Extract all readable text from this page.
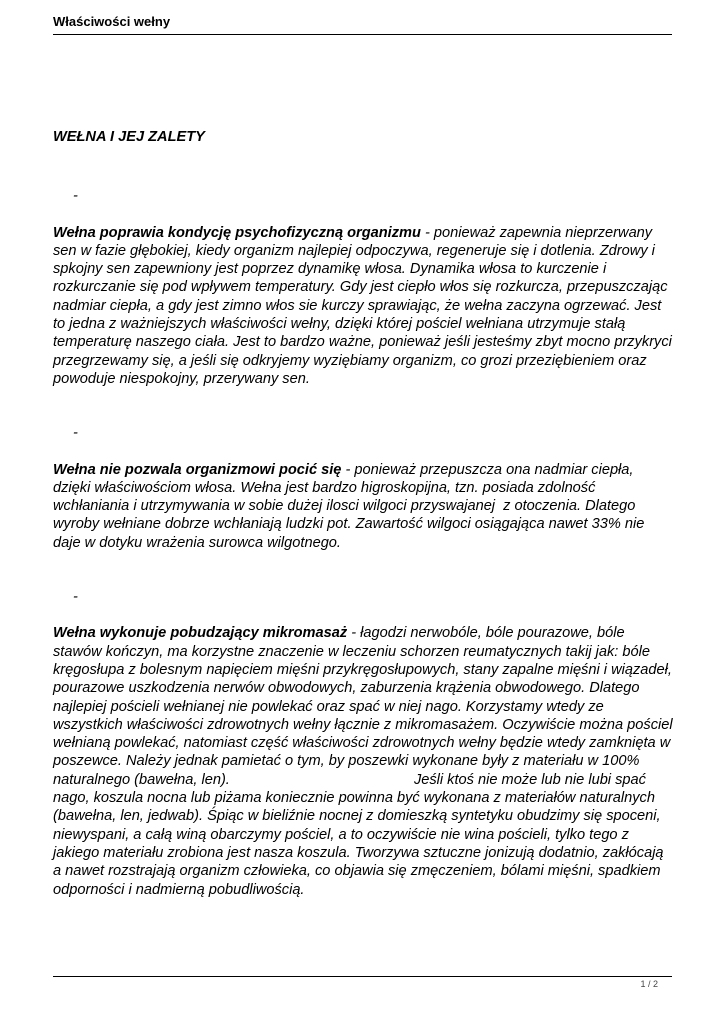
Właściwości wełny

WEŁNA I JEJ ZALETY

-

Wełna poprawia kondycję psychofizyczną organizmu - ponieważ zapewnia nieprzerwany sen w fazie głębokiej, kiedy organizm najlepiej odpoczywa, regeneruje się i dotlenia. Zdrowy i spkojny sen zapewniony jest poprzez dynamikę włosa. Dynamika włosa to kurczenie i rozkurczanie się pod wpływem temperatury. Gdy jest ciepło włos się rozkurcza, przepuszczając nadmiar ciepła, a gdy jest zimno włos sie kurczy sprawiając, że wełna zaczyna ogrzewać. Jest to jedna z ważniejszych właściwości wełny, dzięki której pościel wełniana utrzymuje stałą temperaturę naszego ciała. Jest to bardzo ważne, ponieważ jeśli jesteśmy zbyt mocno przykryci przegrzewamy się, a jeśli się odkryjemy wyziębiamy organizm, co grozi przeziębieniem oraz powoduje niespokojny, przerywany sen.

-

Wełna nie pozwala organizmowi pocić się - ponieważ przepuszcza ona nadmiar ciepła, dzięki właściwościom włosa. Wełna jest bardzo higroskopijna, tzn. posiada zdolność wchłaniania i utrzymywania w sobie dużej ilosci wilgoci przyswajanej  z otoczenia. Dlatego wyroby wełniane dobrze wchłaniają ludzki pot. Zawartość wilgoci osiągająca nawet 33% nie daje w dotyku wrażenia surowca wilgotnego.

-

Wełna wykonuje pobudzający mikromasaż - łagodzi nerwobóle, bóle pourazowe, bóle stawów kończyn, ma korzystne znaczenie w leczeniu schorzen reumatycznych takij jak: bóle kręgosłupa z bolesnym napięciem mięśni przykręgosłupowych, stany zapalne mięśni i wiązadeł, pourazowe uszkodzenia nerwów obwodowych, zaburzenia krążenia obwodowego. Dlatego najlepiej pościeli wełnianej nie powlekać oraz spać w niej nago. Korzystamy wtedy ze wszystkich właściwości zdrowotnych wełny łącznie z mikromasażem. Oczywiście można pościel wełnianą powlekać, natomiast część właściwości zdrowotnych wełny będzie wtedy zamknięta w poszewce. Należy jednak pamietać o tym, by poszewki wykonane były z materiału w 100% naturalnego (bawełna, len).	Jeśli ktoś nie może lub nie lubi spać nago, koszula nocna lub piżama koniecznie powinna być wykonana z materiałów naturalnych (bawełna, len, jedwab). Śpiąc w bieliźnie nocnej z domieszką syntetyku obudzimy się spoceni, niewyspani, a całą winą obarczymy pościel, a to oczywiście nie wina pościeli, tylko tego z jakiego materiału zrobiona jest nasza koszula. Tworzywa sztuczne jonizują dodatnio, zakłócają a nawet rozstrajają organizm człowieka, co objawia się zmęczeniem, bólami mięśni, spadkiem odporności i nadmierną pobudliwością.

1 / 2
